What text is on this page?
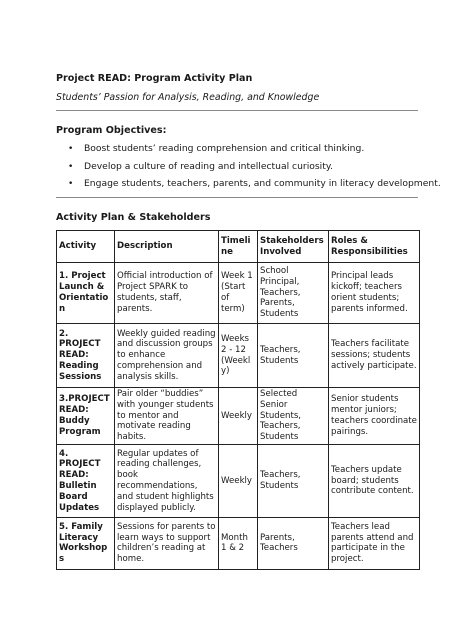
Project READ: Program Activity Plan
Students’ Passion for Analysis, Reading, and Knowledge
Program Objectives:
• Boost students’ reading comprehension and critical thinking.
• Develop a culture of reading and intellectual curiosity.
• Engage students, teachers, parents, and community in literacy development.
Activity Plan & Stakeholders
Activity	Description	Timeline	Stakeholders Involved	Roles & Responsibilities
1. Project Launch & Orientation	Official introduction of Project SPARK to students, staff, parents.	Week 1 (Start of term)	School Principal, Teachers, Parents, Students	Principal leads kickoff; teachers orient students; parents informed.
2. PROJECT READ: Reading Sessions	Weekly guided reading and discussion groups to enhance comprehension and analysis skills.	Weeks 2 - 12 (Weekly)	Teachers, Students	Teachers facilitate sessions; students actively participate.
3.PROJECT READ: Buddy Program	Pair older “buddies” with younger students to mentor and motivate reading habits.	Weekly	Selected Senior Students, Teachers, Students	Senior students mentor juniors; teachers coordinate pairings.
4. PROJECT READ: Bulletin Board Updates	Regular updates of reading challenges, book recommendations, and student highlights displayed publicly.	Weekly	Teachers, Students	Teachers update board; students contribute content.
5. Family Literacy Workshops	Sessions for parents to learn ways to support children’s reading at home.	Month 1 & 2	Parents, Teachers	Teachers lead parents attend and participate in the project.
